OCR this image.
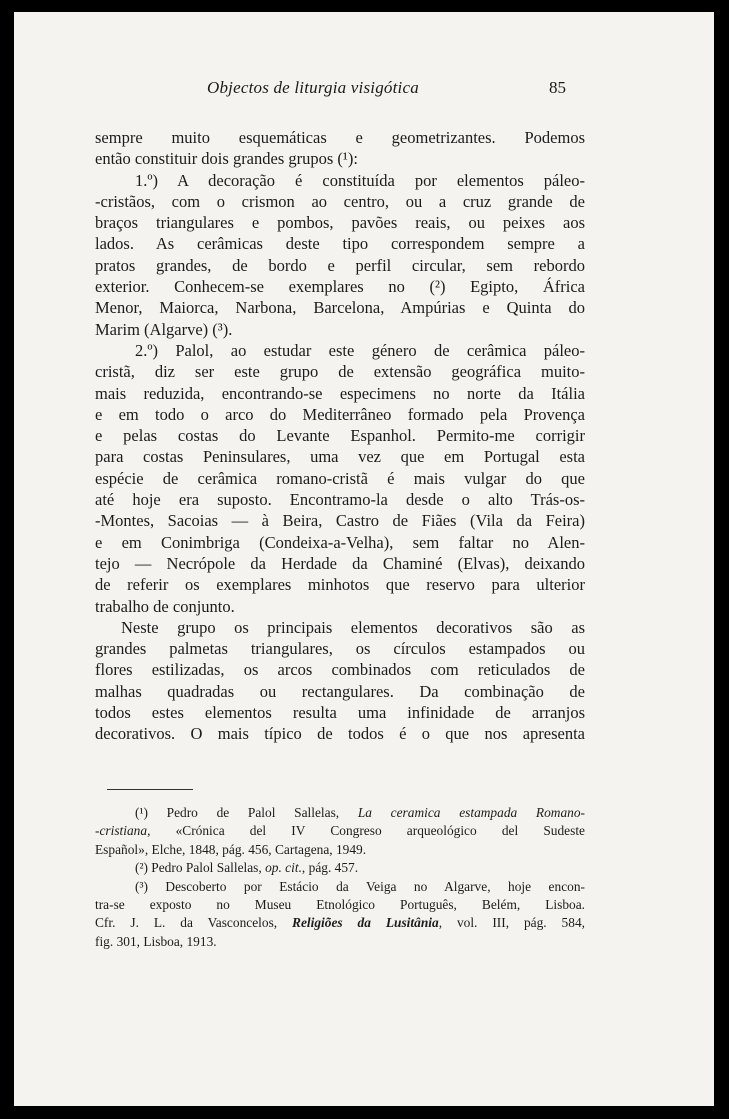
Objectos de liturgia visigótica	85
sempre muito esquemáticas e geometrizantes. Podemos
então constituir dois grandes grupos (¹):
1.º) A decoração é constituída por elementos páleo-
-cristãos, com o crismon ao centro, ou a cruz grande de
braços triangulares e pombos, pavões reais, ou peixes aos
lados. As cerâmicas deste tipo correspondem sempre a
pratos grandes, de bordo e perfil circular, sem rebordo
exterior. Conhecem-se exemplares no (²) Egipto, África
Menor, Maiorca, Narbona, Barcelona, Ampúrias e Quinta do
Marim (Algarve) (³).
2.º) Palol, ao estudar este género de cerâmica páleo-
cristã, diz ser este grupo de extensão geográfica muito-
mais reduzida, encontrando-se especimens no norte da Itália
e em todo o arco do Mediterrâneo formado pela Provença
e pelas costas do Levante Espanhol. Permito-me corrigir
para costas Peninsulares, uma vez que em Portugal esta
espécie de cerâmica romano-cristã é mais vulgar do que
até hoje era suposto. Encontramo-la desde o alto Trás-os-
-Montes, Sacoias — à Beira, Castro de Fiães (Vila da Feira)
e em Conimbriga (Condeixa-a-Velha), sem faltar no Alen-
tejo — Necrópole da Herdade da Chaminé (Elvas), deixando
de referir os exemplares minhotos que reservo para ulterior
trabalho de conjunto.
Neste grupo os principais elementos decorativos são as
grandes palmetas triangulares, os círculos estampados ou
flores estilizadas, os arcos combinados com reticulados de
malhas quadradas ou rectangulares. Da combinação de
todos estes elementos resulta uma infinidade de arranjos
decorativos. O mais típico de todos é o que nos apresenta
(¹) Pedro de Palol Sallelas, La ceramica estampada Romano-
-cristiana, «Crónica del IV Congreso arqueológico del Sudeste
Español», Elche, 1848, pág. 456, Cartagena, 1949.
(²) Pedro Palol Sallelas, op. cit., pág. 457.
(³) Descoberto por Estácio da Veiga no Algarve, hoje encon-
tra-se exposto no Museu Etnológico Português, Belém, Lisboa.
Cfr. J. L. da Vasconcelos, Religiões da Lusitânia, vol. III, pág. 584,
fig. 301, Lisboa, 1913.
